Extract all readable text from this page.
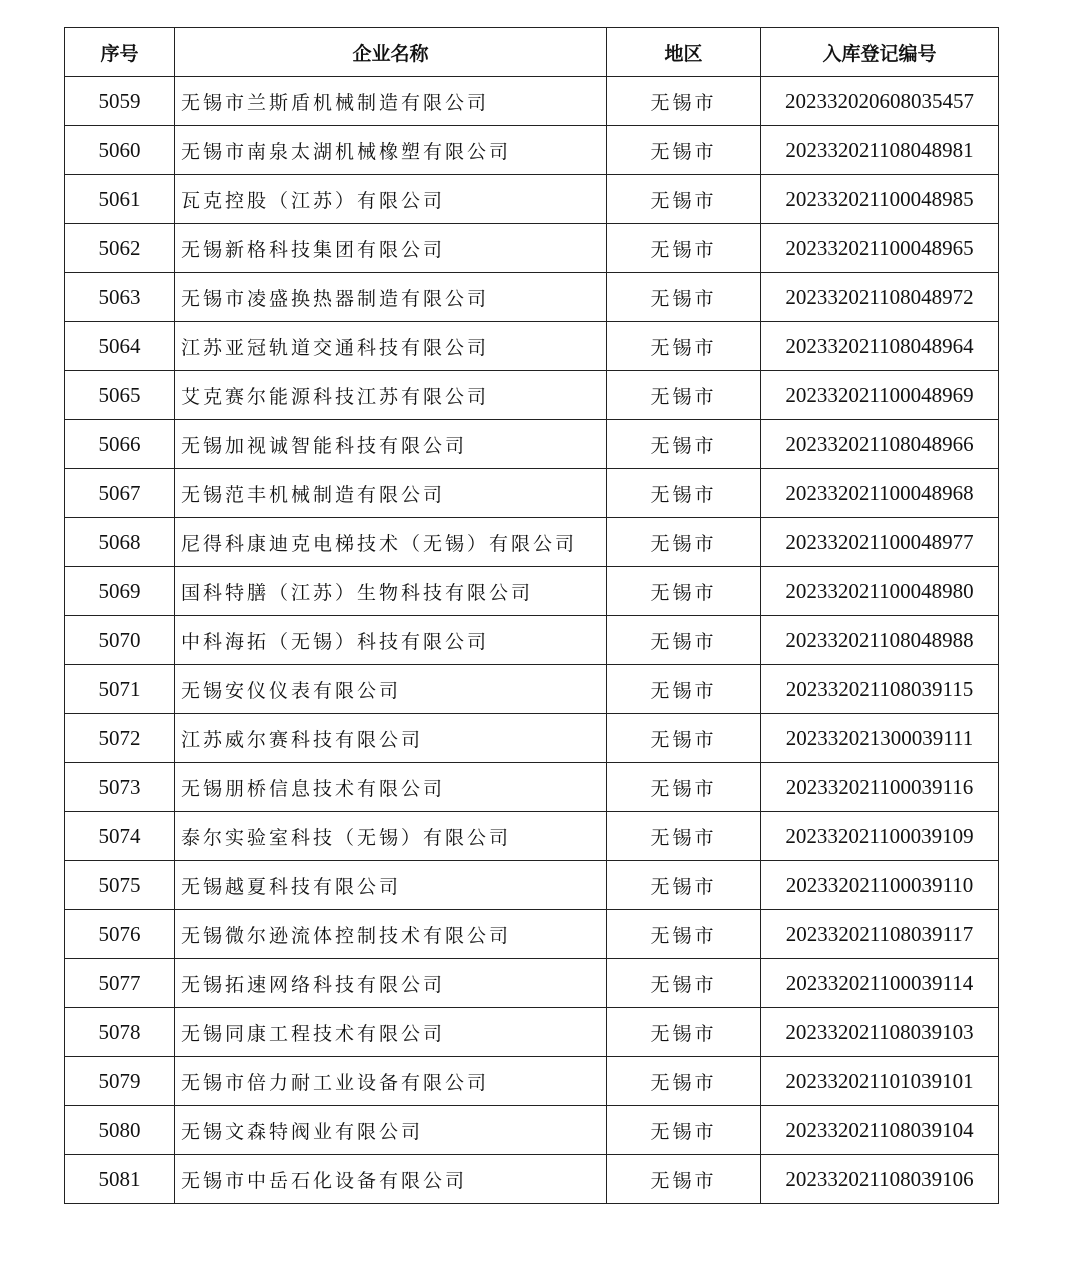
序号	企业名称	地区	入库登记编号
5059	无锡市兰斯盾机械制造有限公司	无锡市	202332020608035457
5060	无锡市南泉太湖机械橡塑有限公司	无锡市	202332021108048981
5061	瓦克控股（江苏）有限公司	无锡市	202332021100048985
5062	无锡新格科技集团有限公司	无锡市	202332021100048965
5063	无锡市凌盛换热器制造有限公司	无锡市	202332021108048972
5064	江苏亚冠轨道交通科技有限公司	无锡市	202332021108048964
5065	艾克赛尔能源科技江苏有限公司	无锡市	202332021100048969
5066	无锡加视诚智能科技有限公司	无锡市	202332021108048966
5067	无锡范丰机械制造有限公司	无锡市	202332021100048968
5068	尼得科康迪克电梯技术（无锡）有限公司	无锡市	202332021100048977
5069	国科特膳（江苏）生物科技有限公司	无锡市	202332021100048980
5070	中科海拓（无锡）科技有限公司	无锡市	202332021108048988
5071	无锡安仪仪表有限公司	无锡市	202332021108039115
5072	江苏威尔赛科技有限公司	无锡市	202332021300039111
5073	无锡朋桥信息技术有限公司	无锡市	202332021100039116
5074	泰尔实验室科技（无锡）有限公司	无锡市	202332021100039109
5075	无锡越夏科技有限公司	无锡市	202332021100039110
5076	无锡微尔逊流体控制技术有限公司	无锡市	202332021108039117
5077	无锡拓速网络科技有限公司	无锡市	202332021100039114
5078	无锡同康工程技术有限公司	无锡市	202332021108039103
5079	无锡市倍力耐工业设备有限公司	无锡市	202332021101039101
5080	无锡文森特阀业有限公司	无锡市	202332021108039104
5081	无锡市中岳石化设备有限公司	无锡市	202332021108039106
